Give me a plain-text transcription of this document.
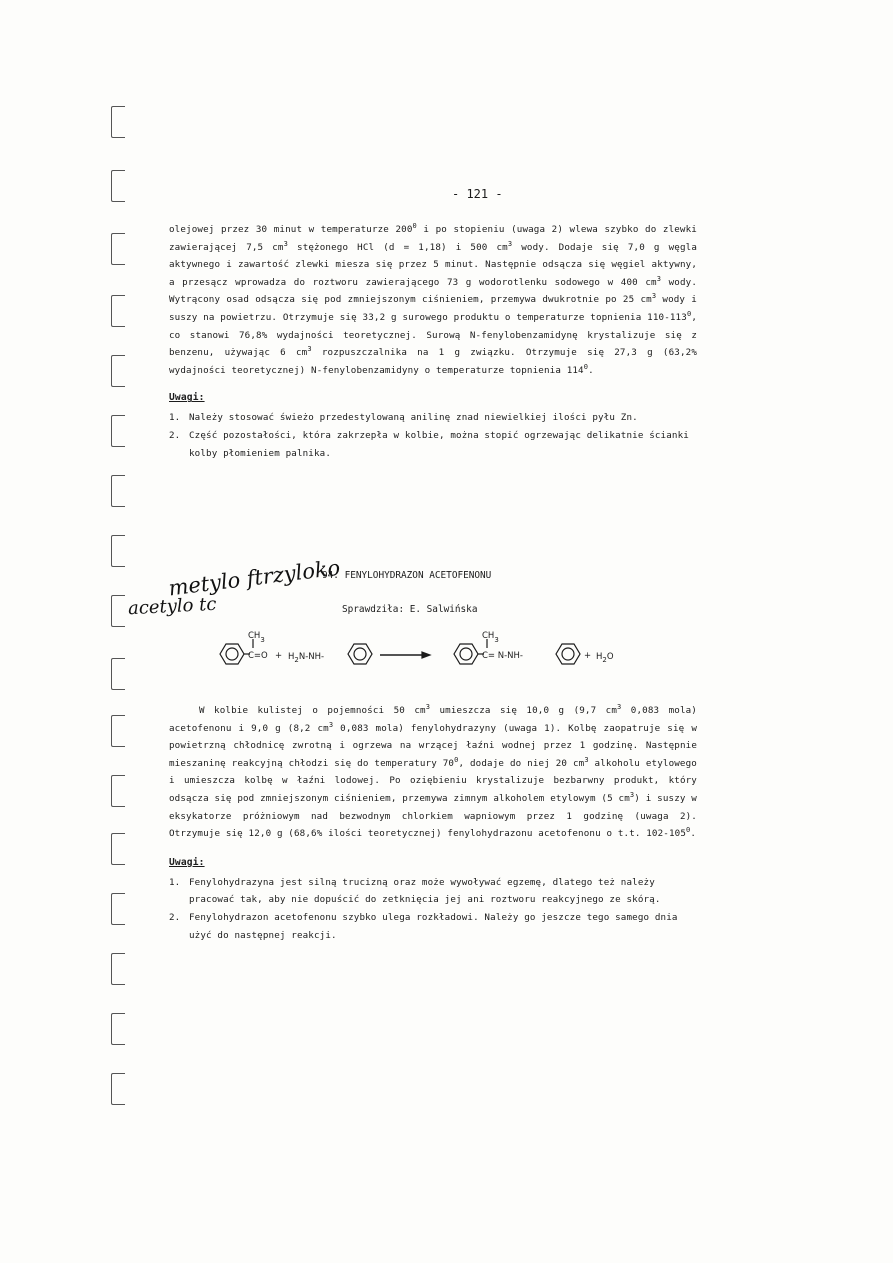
- 121 -

olejowej przez 30 minut w temperaturze $200^0$ i po stopieniu (uwaga 2) wlewa szybko do zlewki zawierającej 7,5 $cm^3$ stężonego HCl (d = 1,18) i 500 $cm^3$ wody. Dodaje się 7,0 g węgla aktywnego i zawartość zlewki miesza się przez 5 minut. Następnie odsącza się węgiel aktywny, a przesącz wprowadza do roztworu zawierającego 73 g wodorotlenku sodowego w 400 $cm^3$ wody. Wytrącony osad odsącza się pod zmniejszonym ciśnieniem, przemywa dwukrotnie po 25 $cm^3$ wody i suszy na powietrzu. Otrzymuje się 33,2 g surowego produktu o temperaturze topnienia $110-113^0$, co stanowi 76,8% wydajności teoretycznej. Surową N-fenylobenzamidynę krystalizuje się z benzenu, używając 6 $cm^3$ rozpuszczalnika na 1 g związku. Otrzymuje się 27,3 g (63,2% wydajności teoretycznej) N-fenylobenzamidyny o temperaturze topnienia $114^0$.

Uwagi:

1. Należy stosować świeżo przedestylowaną anilinę znad niewielkiej ilości pyłu Zn.
2. Część pozostałości, która zakrzepła w kolbie, można stopić ogrzewając delikatnie ścianki kolby płomieniem palnika.
94. FENYLOHYDRAZON ACETOFENONU
metylo ftrzyloko
acetylo tc	Sprawdziła: E. Salwińska
$CH_3$
$C=O + H_2N-NH-$
$CH_3$
C= N-NH-	+ $H_2O$

W kolbie kulistej o pojemności 50 $cm^3$ umieszcza się 10,0 g (9,7 $cm^3$ 0,083 mola) acetofenonu i 9,0 g (8,2 $cm^3$ 0,083 mola) fenylohydrazyny (uwaga 1). Kolbę zaopatruje się w powietrzną chłodnicę zwrotną i ogrzewa na wrzącej łaźni wodnej przez 1 godzinę. Następnie mieszaninę reakcyjną chłodzi się do temperatury $70^0$, dodaje do niej 20 $cm^3$ alkoholu etylowego i umieszcza kolbę w łaźni lodowej. Po oziębieniu krystalizuje bezbarwny produkt, który odsącza się pod zmniejszonym ciśnieniem, przemywa zimnym alkoholem etylowym (5 $cm^3$) i suszy w eksykatorze próżniowym nad bezwodnym chlorkiem wapniowym przez 1 godzinę (uwaga 2). Otrzymuje się 12,0 g (68,6% ilości teoretycznej) fenylohydrazonu acetofenonu o t.t. $102-105^0$.

Uwagi:

1. Fenylohydrazyna jest silną trucizną oraz może wywoływać egzemę, dlatego też należy pracować tak, aby nie dopuścić do zetknięcia jej ani roztworu reakcyjnego ze skórą.
2. Fenylohydrazon acetofenonu szybko ulega rozkładowi. Należy go jeszcze tego samego dnia użyć do następnej reakcji.
